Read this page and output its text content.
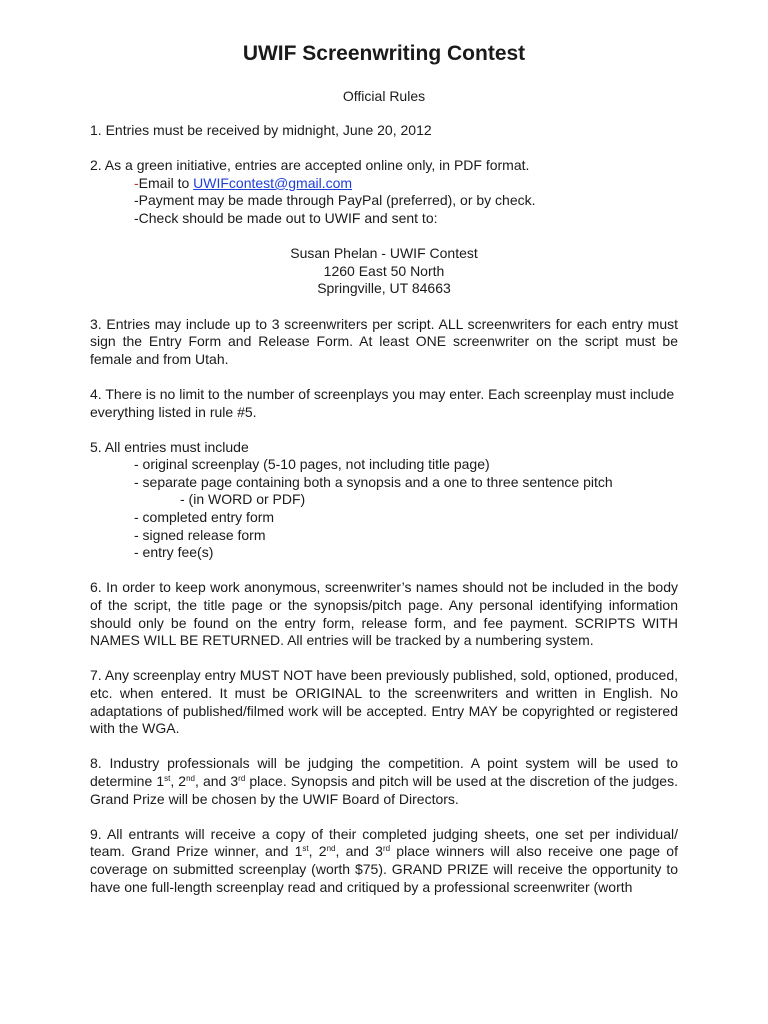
UWIF Screenwriting Contest
Official Rules

1. Entries must be received by midnight, June 20, 2012

2. As a green initiative, entries are accepted online only, in PDF format.
-Email to UWIFcontest@gmail.com
-Payment may be made through PayPal (preferred), or by check.
-Check should be made out to UWIF and sent to:

Susan Phelan - UWIF Contest
1260 East 50 North
Springville, UT 84663

3. Entries may include up to 3 screenwriters per script. ALL screenwriters for each entry must sign the Entry Form and Release Form. At least ONE screenwriter on the script must be female and from Utah.

4. There is no limit to the number of screenplays you may enter. Each screenplay must include everything listed in rule #5.

5. All entries must include
- original screenplay (5-10 pages, not including title page)
- separate page containing both a synopsis and a one to three sentence pitch
- (in WORD or PDF)
- completed entry form
- signed release form
- entry fee(s)

6. In order to keep work anonymous, screenwriter’s names should not be included in the body of the script, the title page or the synopsis/pitch page. Any personal identifying information should only be found on the entry form, release form, and fee payment. SCRIPTS WITH NAMES WILL BE RETURNED. All entries will be tracked by a numbering system.

7. Any screenplay entry MUST NOT have been previously published, sold, optioned, produced, etc. when entered. It must be ORIGINAL to the screenwriters and written in English. No adaptations of published/filmed work will be accepted. Entry MAY be copyrighted or registered with the WGA.

8. Industry professionals will be judging the competition. A point system will be used to determine 1st, 2nd, and 3rd place. Synopsis and pitch will be used at the discretion of the judges. Grand Prize will be chosen by the UWIF Board of Directors.

9. All entrants will receive a copy of their completed judging sheets, one set per individual/ team. Grand Prize winner, and 1st, 2nd, and 3rd place winners will also receive one page of coverage on submitted screenplay (worth $75). GRAND PRIZE will receive the opportunity to have one full-length screenplay read and critiqued by a professional screenwriter (worth
